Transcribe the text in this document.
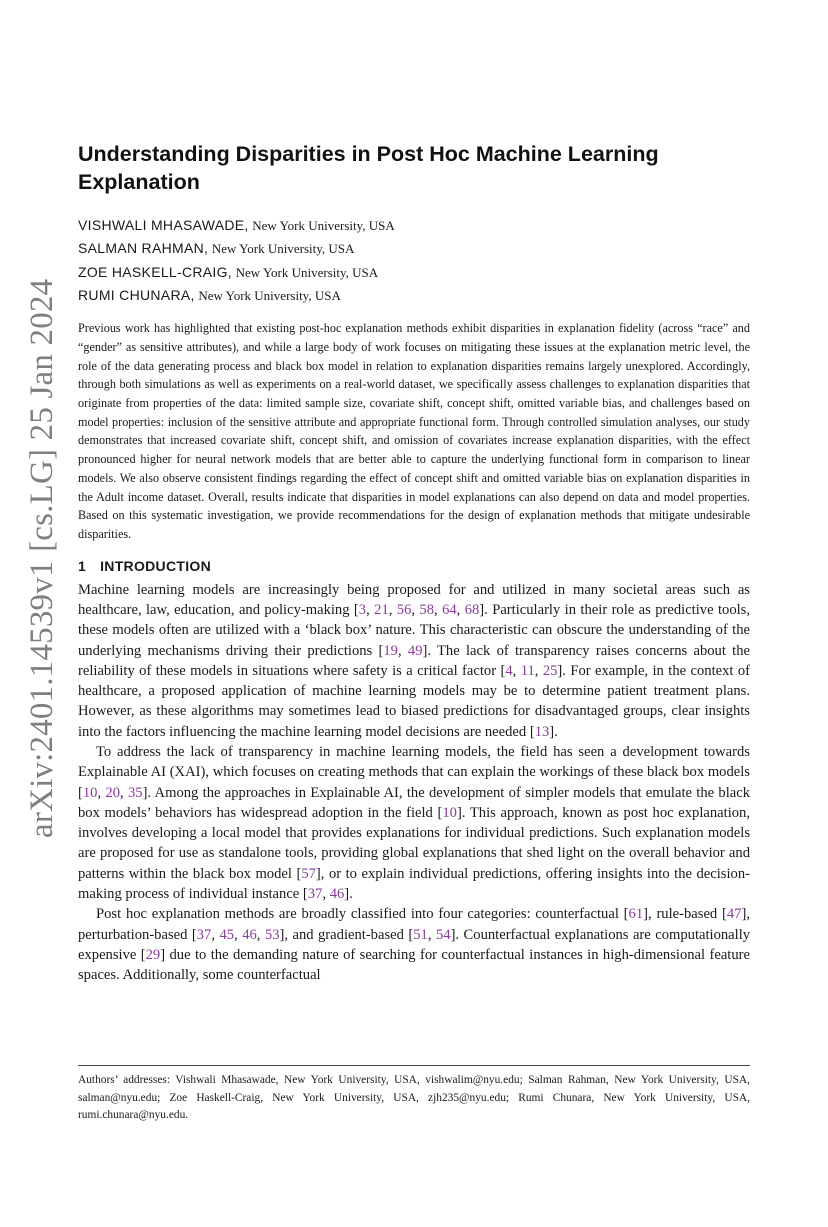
arXiv:2401.14539v1 [cs.LG] 25 Jan 2024
Understanding Disparities in Post Hoc Machine Learning Explanation
VISHWALI MHASAWADE, New York University, USA
SALMAN RAHMAN, New York University, USA
ZOE HASKELL-CRAIG, New York University, USA
RUMI CHUNARA, New York University, USA

Previous work has highlighted that existing post-hoc explanation methods exhibit disparities in explanation fidelity (across “race” and “gender” as sensitive attributes), and while a large body of work focuses on mitigating these issues at the explanation metric level, the role of the data generating process and black box model in relation to explanation disparities remains largely unexplored. Accordingly, through both simulations as well as experiments on a real-world dataset, we specifically assess challenges to explanation disparities that originate from properties of the data: limited sample size, covariate shift, concept shift, omitted variable bias, and challenges based on model properties: inclusion of the sensitive attribute and appropriate functional form. Through controlled simulation analyses, our study demonstrates that increased covariate shift, concept shift, and omission of covariates increase explanation disparities, with the effect pronounced higher for neural network models that are better able to capture the underlying functional form in comparison to linear models. We also observe consistent findings regarding the effect of concept shift and omitted variable bias on explanation disparities in the Adult income dataset. Overall, results indicate that disparities in model explanations can also depend on data and model properties. Based on this systematic investigation, we provide recommendations for the design of explanation methods that mitigate undesirable disparities.

1 INTRODUCTION

Machine learning models are increasingly being proposed for and utilized in many societal areas such as healthcare, law, education, and policy-making [3, 21, 56, 58, 64, 68]. Particularly in their role as predictive tools, these models often are utilized with a ‘black box’ nature. This characteristic can obscure the understanding of the underlying mechanisms driving their predictions [19, 49]. The lack of transparency raises concerns about the reliability of these models in situations where safety is a critical factor [4, 11, 25]. For example, in the context of healthcare, a proposed application of machine learning models may be to determine patient treatment plans. However, as these algorithms may sometimes lead to biased predictions for disadvantaged groups, clear insights into the factors influencing the machine learning model decisions are needed [13].

To address the lack of transparency in machine learning models, the field has seen a development towards Explainable AI (XAI), which focuses on creating methods that can explain the workings of these black box models [10, 20, 35]. Among the approaches in Explainable AI, the development of simpler models that emulate the black box models’ behaviors has widespread adoption in the field [10]. This approach, known as post hoc explanation, involves developing a local model that provides explanations for individual predictions. Such explanation models are proposed for use as standalone tools, providing global explanations that shed light on the overall behavior and patterns within the black box model [57], or to explain individual predictions, offering insights into the decision-making process of individual instance [37, 46].

Post hoc explanation methods are broadly classified into four categories: counterfactual [61], rule-based [47], perturbation-based [37, 45, 46, 53], and gradient-based [51, 54]. Counterfactual explanations are computationally expensive [29] due to the demanding nature of searching for counterfactual instances in high-dimensional feature spaces. Additionally, some counterfactual

Authors’ addresses: Vishwali Mhasawade, New York University, USA, vishwalim@nyu.edu; Salman Rahman, New York University, USA, salman@nyu.edu; Zoe Haskell-Craig, New York University, USA, zjh235@nyu.edu; Rumi Chunara, New York University, USA, rumi.chunara@nyu.edu.
